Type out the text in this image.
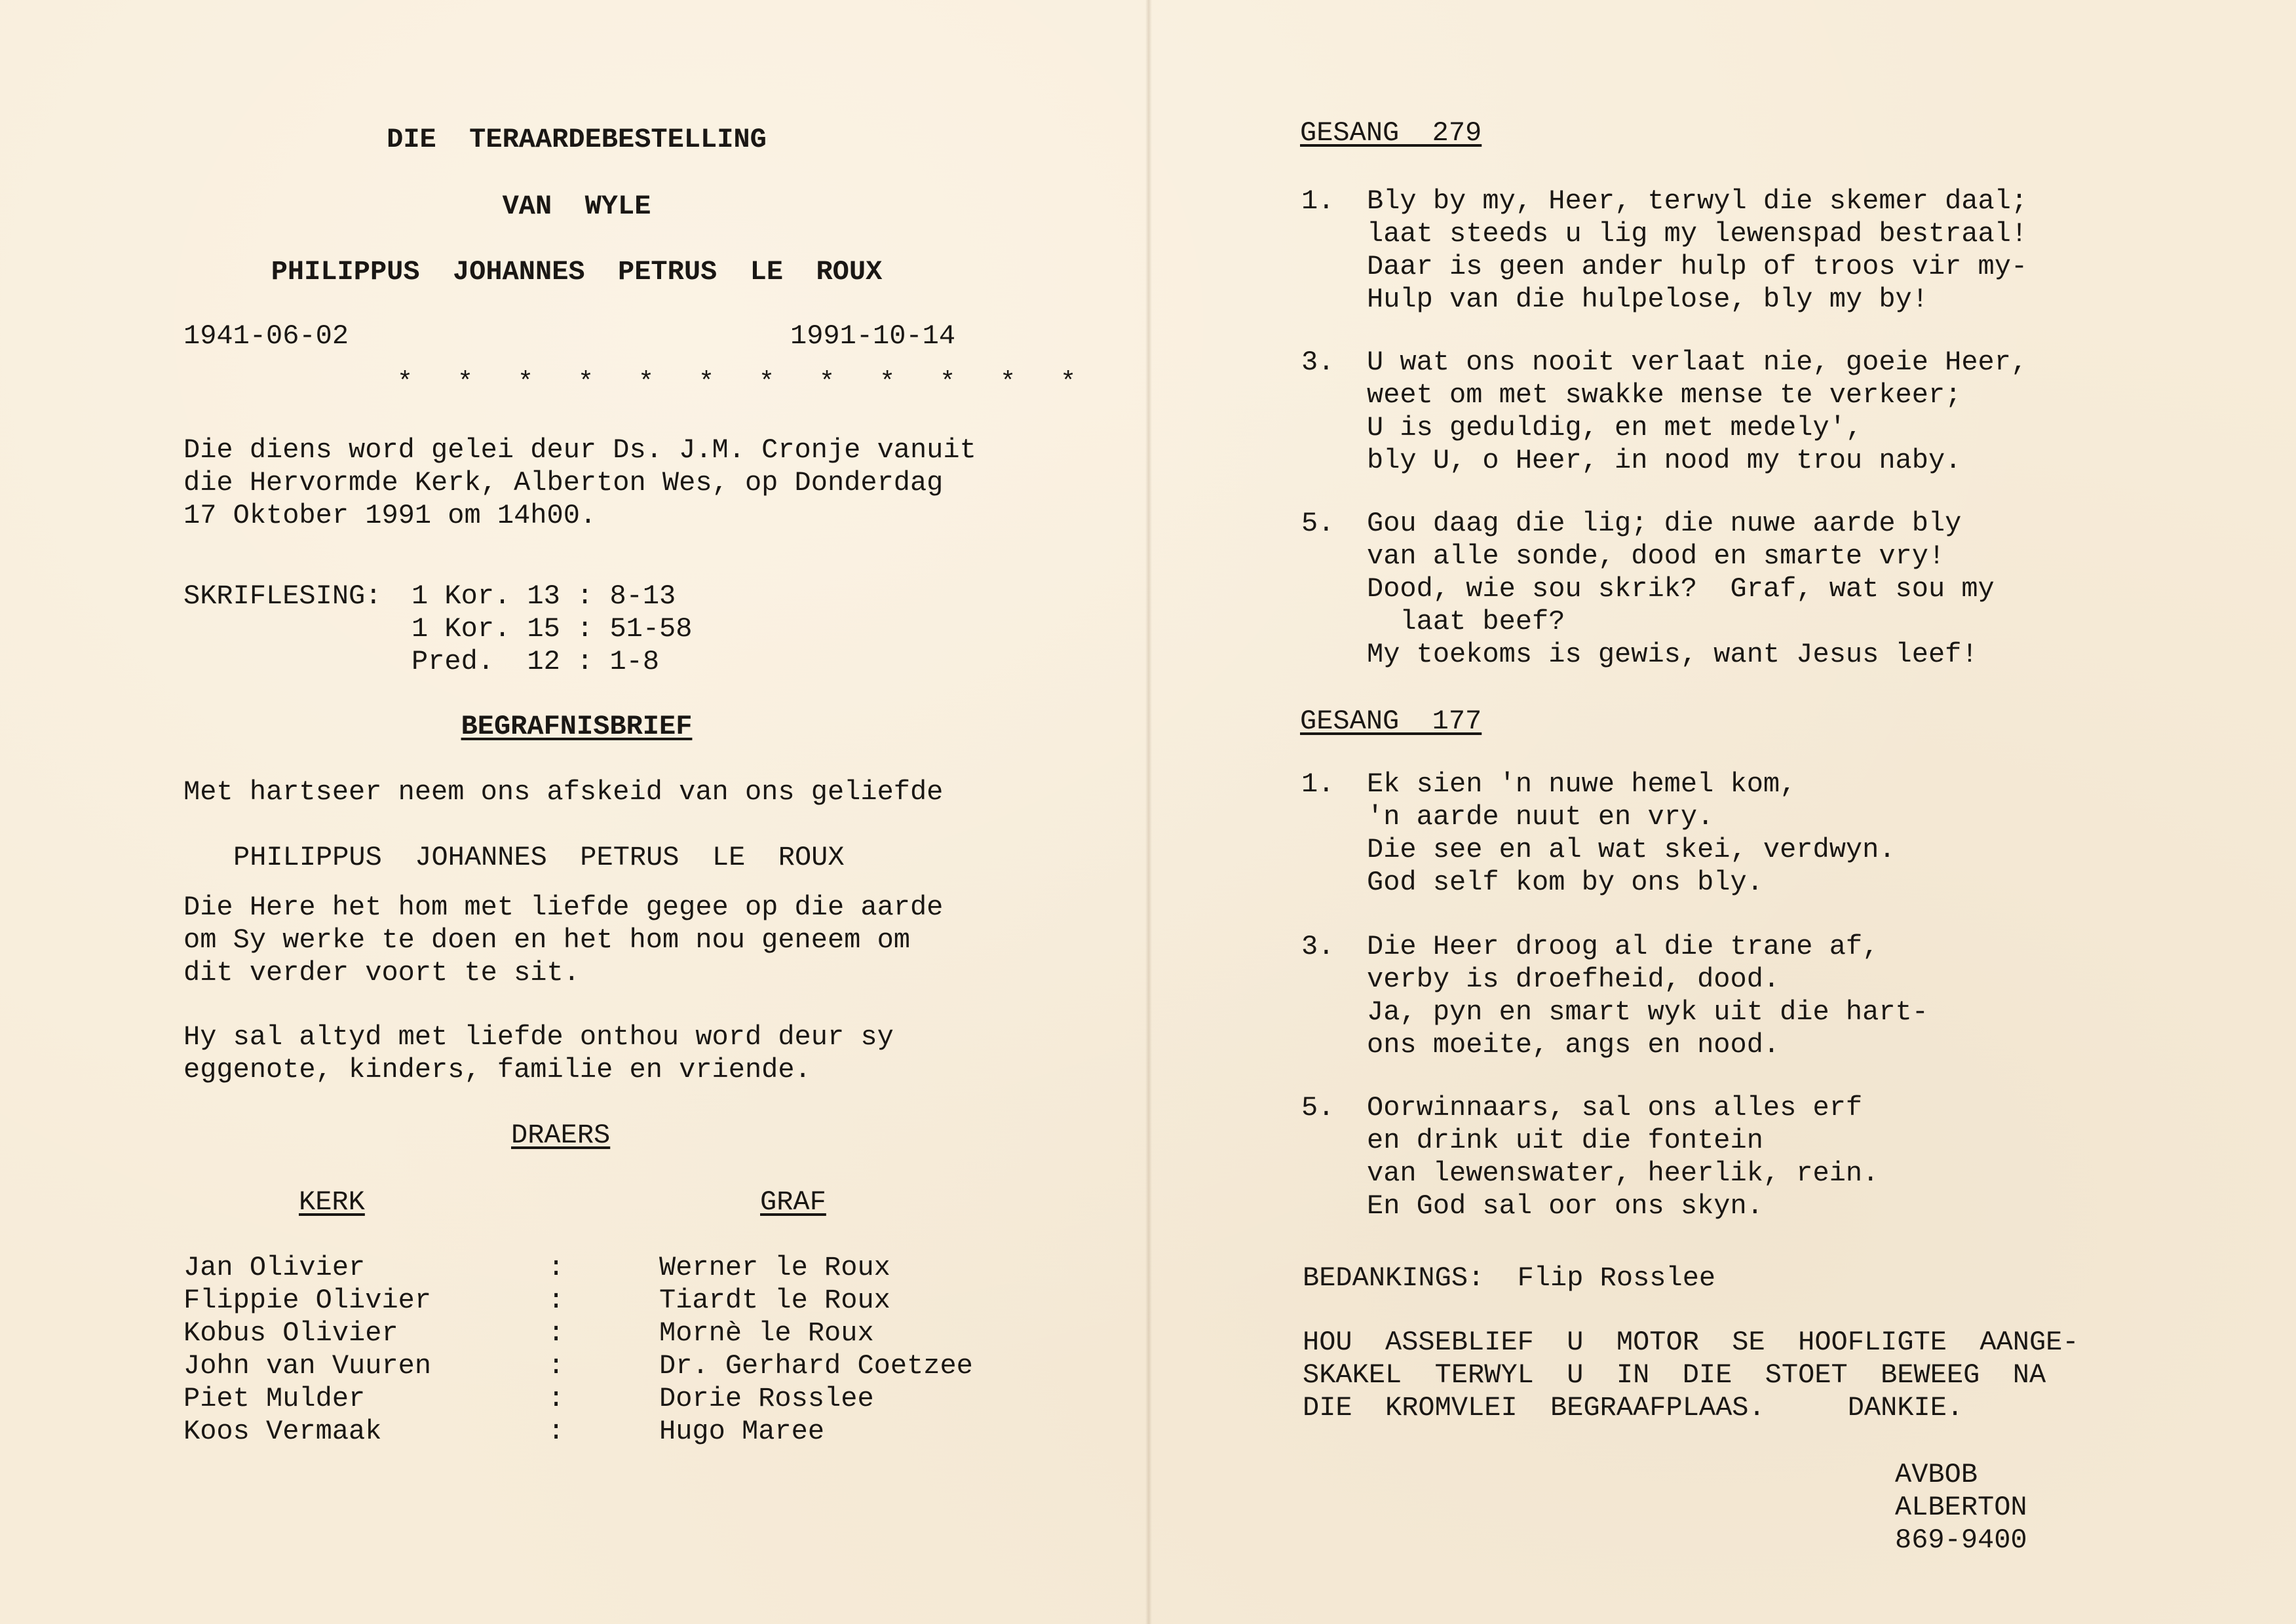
DIE  TERAARDEBESTELLING
VAN  WYLE
PHILIPPUS  JOHANNES  PETRUS  LE  ROUX
1941-06-02	1991-10-14
* * * * * * * * * * * *
Die diens word gelei deur Ds. J.M. Cronje vanuit
die Hervormde Kerk, Alberton Wes, op Donderdag
17 Oktober 1991 om 14h00.
SKRIFLESING: 1 Kor. 13 : 8-13
1 Kor. 15 : 51-58
Pred.  12 : 1-8
BEGRAFNISBRIEF
Met hartseer neem ons afskeid van ons geliefde
PHILIPPUS  JOHANNES  PETRUS  LE  ROUX
Die Here het hom met liefde gegee op die aarde
om Sy werke te doen en het hom nou geneem om
dit verder voort te sit.
Hy sal altyd met liefde onthou word deur sy
eggenote, kinders, familie en vriende.
DRAERS
KERK	GRAF
Jan Olivier	:	Werner le Roux
Flippie Olivier	:	Tiardt le Roux
Kobus Olivier	:	Mornè le Roux
John van Vuuren	:	Dr. Gerhard Coetzee
Piet Mulder	:	Dorie Rosslee
Koos Vermaak	:	Hugo Maree
GESANG  279
1. Bly by my, Heer, terwyl die skemer daal;
laat steeds u lig my lewenspad bestraal!
Daar is geen ander hulp of troos vir my-
Hulp van die hulpelose, bly my by!
3. U wat ons nooit verlaat nie, goeie Heer,
weet om met swakke mense te verkeer;
U is geduldig, en met medely',
bly U, o Heer, in nood my trou naby.
5. Gou daag die lig; die nuwe aarde bly
van alle sonde, dood en smarte vry!
Dood, wie sou skrik?  Graf, wat sou my
laat beef?
My toekoms is gewis, want Jesus leef!
GESANG  177
1. Ek sien 'n nuwe hemel kom,
'n aarde nuut en vry.
Die see en al wat skei, verdwyn.
God self kom by ons bly.
3. Die Heer droog al die trane af,
verby is droefheid, dood.
Ja, pyn en smart wyk uit die hart-
ons moeite, angs en nood.
5. Oorwinnaars, sal ons alles erf
en drink uit die fontein
van lewenswater, heerlik, rein.
En God sal oor ons skyn.
BEDANKINGS:  Flip Rosslee
HOU  ASSEBLIEF  U  MOTOR  SE  HOOFLIGTE  AANGE-
SKAKEL  TERWYL  U  IN  DIE  STOET  BEWEEG  NA
DIE  KROMVLEI  BEGRAAFPLAAS.     DANKIE.
AVBOB
ALBERTON
869-9400
